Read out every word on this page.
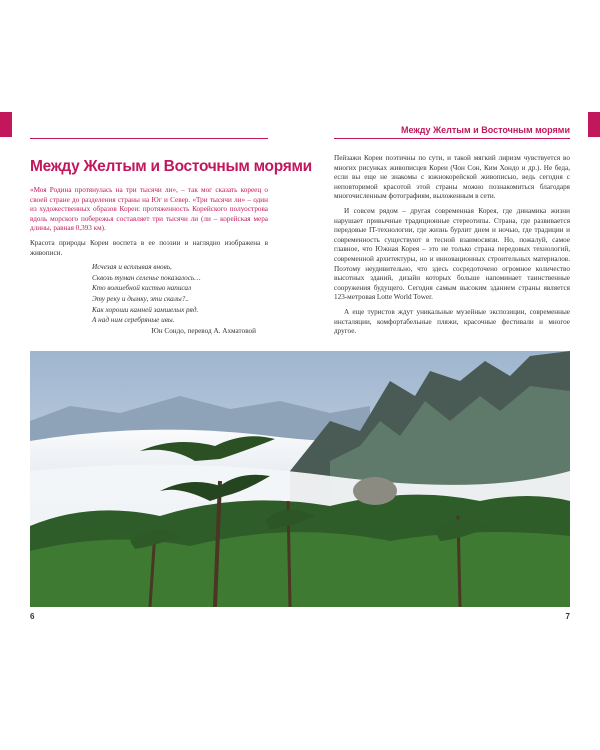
Между Желтым и Восточным морями
Между Желтым и Восточным морями

«Моя Родина протянулась на три тысячи ли», – так мог сказать кореец о своей стране до разделения страны на Юг и Север. «Три тысячи ли» – один из художественных образов Кореи: протяженность Корейского полуострова вдоль морского побережья составляет три тысячи ли (ли – корейская мера длины, равная 0,393 км).

Красота природы Кореи воспета в ее поэзии и наглядно изображена в живописи.

Исчезая и всплывая вновь,
Сквозь туман селенье показалось…
Кто волшебной кистью написал
Эту реку и дымку, эти скалы?..
Как хороши камней замшелых ряд.
А над ним серебряные ивы.
Юн Сондо, перевод А. Ахматовой

Пейзажи Кореи поэтичны по сути, и такой мягкий лиризм чувствуется во многих рисунках живописцев Кореи (Чон Сон, Ким Хондо и др.). Не беда, если вы еще не знакомы с южнокорейской живописью, ведь сегодня с неповторимой красотой этой страны можно познакомиться благодаря многочисленным фотографиям, выложенным в сети.

И совсем рядом – другая современная Корея, где динамика жизни нарушает привычные традиционные стереотипы. Страна, где развивается передовые IT-технологии, где жизнь бурлит днем и ночью, где традиции и современность существуют в тесной взаимосвязи. Но, пожалуй, самое главное, что Южная Корея – это не только страна передовых технологий, современной архитектуры, но и инновационных строительных материалов. Поэтому неудивительно, что здесь сосредоточено огромное количество высотных зданий, дизайн которых больше напоминает таинственные сооружения будущего. Сегодня самым высоким зданием страны является 123-метровая Lotte World Tower.

А еще туристов ждут уникальные музейные экспозиции, современные инсталяции, комфортабельные пляжи, красочные фестивали и многое другое.

6	7
